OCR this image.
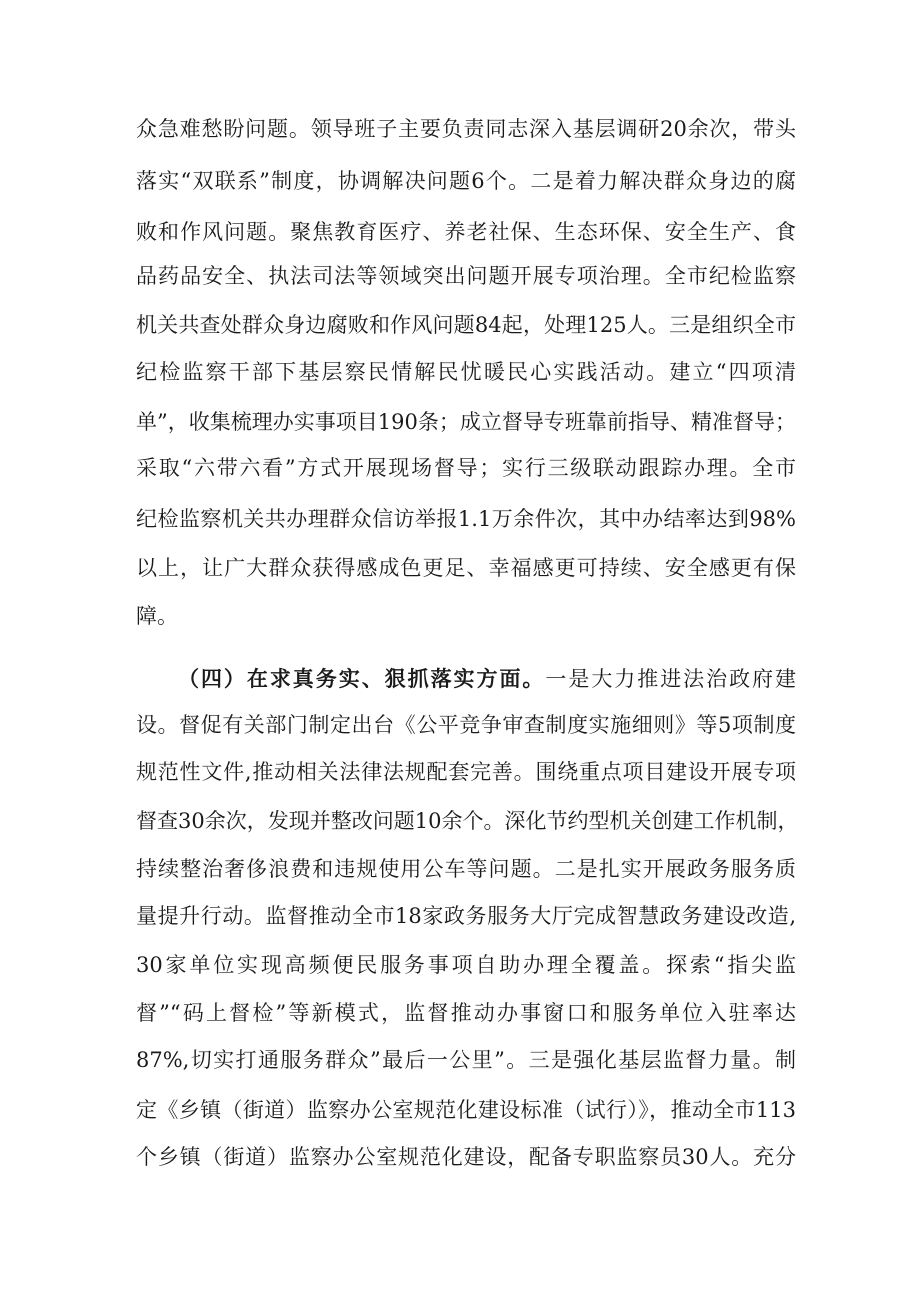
众急难愁盼问题。领导班子主要负责同志深入基层调研20余次，带头
落实“双联系”制度，协调解决问题6个。二是着力解决群众身边的腐
败和作风问题。聚焦教育医疗、养老社保、生态环保、安全生产、食
品药品安全、执法司法等领域突出问题开展专项治理。全市纪检监察
机关共查处群众身边腐败和作风问题84起，处理125人。三是组织全市
纪检监察干部下基层察民情解民忧暖民心实践活动。建立“四项清
单”，收集梳理办实事项目190条；成立督导专班靠前指导、精准督导；
采取“六带六看”方式开展现场督导；实行三级联动跟踪办理。全市
纪检监察机关共办理群众信访举报1.1万余件次，其中办结率达到98%
以上，让广大群众获得感成色更足、幸福感更可持续、安全感更有保
障。
（四）在求真务实、狠抓落实方面。一是大力推进法治政府建
设。督促有关部门制定出台《公平竞争审查制度实施细则》等5项制度
规范性文件,推动相关法律法规配套完善。围绕重点项目建设开展专项
督查30余次，发现并整改问题10余个。深化节约型机关创建工作机制，
持续整治奢侈浪费和违规使用公车等问题。二是扎实开展政务服务质
量提升行动。监督推动全市18家政务服务大厅完成智慧政务建设改造,
30家单位实现高频便民服务事项自助办理全覆盖。探索“指尖监
督”“码上督检”等新模式，监督推动办事窗口和服务单位入驻率达
87%,切实打通服务群众”最后一公里”。三是强化基层监督力量。制
定《乡镇（街道）监察办公室规范化建设标准（试行）》，推动全市113
个乡镇（街道）监察办公室规范化建设，配备专职监察员30人。充分
